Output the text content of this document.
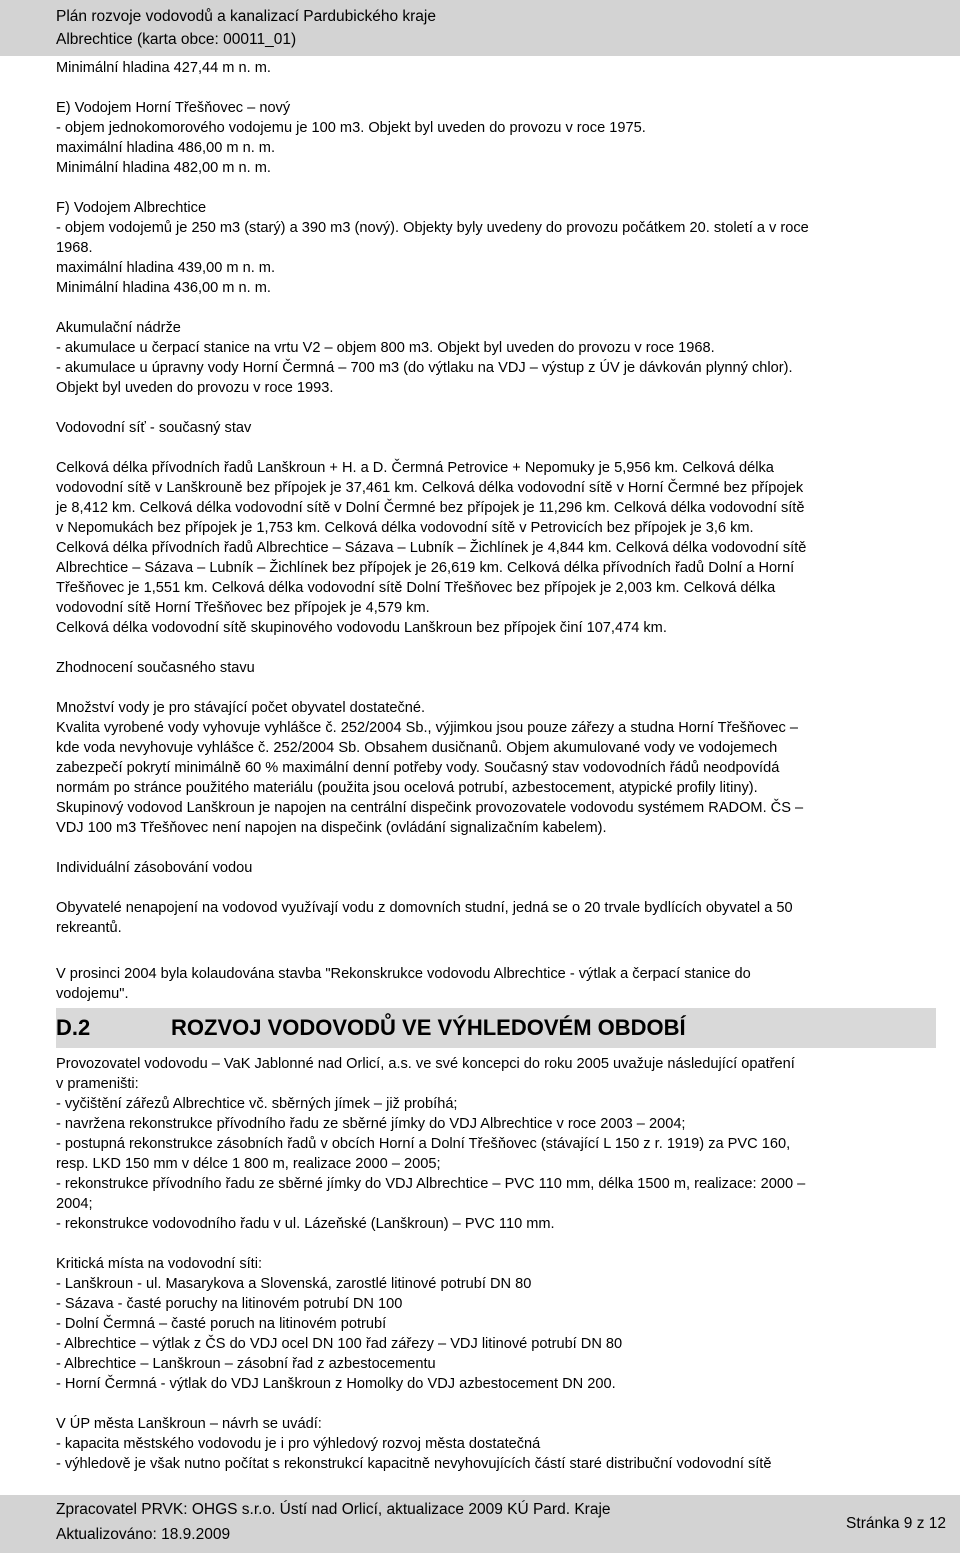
Plán rozvoje vodovodů a kanalizací Pardubického kraje
Albrechtice (karta obce: 00011_01)

Minimální hladina 427,44 m n. m.

E) Vodojem Horní Třešňovec – nový

- objem jednokomorového vodojemu je 100 m3. Objekt byl uveden do provozu v roce 1975.

maximální hladina 486,00 m n. m.

Minimální hladina 482,00 m n. m.

F) Vodojem Albrechtice

- objem vodojemů je 250 m3 (starý) a 390 m3 (nový). Objekty byly uvedeny do provozu počátkem 20. století a v roce

1968.

maximální hladina 439,00 m n. m.

Minimální hladina 436,00 m n. m.

Akumulační nádrže

- akumulace u čerpací stanice na vrtu V2 – objem 800 m3. Objekt byl uveden do provozu v roce 1968.

- akumulace u úpravny vody Horní Čermná – 700 m3 (do výtlaku na VDJ – výstup z ÚV je dávkován plynný chlor).

Objekt byl uveden do provozu v roce 1993.

Vodovodní síť - současný stav

Celková délka přívodních řadů Lanškroun + H. a D. Čermná Petrovice + Nepomuky je 5,956 km. Celková délka

vodovodní sítě v Lanškrouně bez přípojek je 37,461 km. Celková délka vodovodní sítě v Horní Čermné bez přípojek

je 8,412 km. Celková délka vodovodní sítě v Dolní Čermné bez přípojek je 11,296 km. Celková délka vodovodní sítě

v Nepomukách bez přípojek je 1,753 km. Celková délka vodovodní sítě v Petrovicích bez přípojek je 3,6 km.

Celková délka přívodních řadů Albrechtice – Sázava – Lubník – Žichlínek je 4,844 km. Celková délka vodovodní sítě

Albrechtice – Sázava – Lubník – Žichlínek bez přípojek je 26,619 km. Celková délka přívodních řadů Dolní a Horní

Třešňovec je 1,551 km. Celková délka vodovodní sítě Dolní Třešňovec bez přípojek je 2,003 km. Celková délka

vodovodní sítě Horní Třešňovec bez přípojek je 4,579 km.

Celková délka vodovodní sítě skupinového vodovodu Lanškroun bez přípojek činí 107,474 km.

Zhodnocení současného stavu

Množství vody je pro stávající počet obyvatel dostatečné.

Kvalita vyrobené vody vyhovuje vyhlášce č. 252/2004 Sb., výjimkou jsou pouze zářezy a studna Horní Třešňovec –

kde voda nevyhovuje vyhlášce č. 252/2004 Sb. Obsahem dusičnanů. Objem akumulované vody ve vodojemech

zabezpečí pokrytí minimálně 60 % maximální denní potřeby vody. Současný stav vodovodních řádů neodpovídá

normám po stránce použitého materiálu (použita jsou ocelová potrubí, azbestocement, atypické profily litiny).

Skupinový vodovod Lanškroun je napojen na centrální dispečink provozovatele vodovodu systémem RADOM. ČS –

VDJ 100 m3 Třešňovec není napojen na dispečink (ovládání signalizačním kabelem).

Individuální zásobování vodou

Obyvatelé nenapojení na vodovod využívají vodu z domovních studní, jedná se o 20 trvale bydlících obyvatel a 50

rekreantů.

V prosinci 2004 byla kolaudována stavba "Rekonskrukce vodovodu Albrechtice - výtlak a čerpací stanice do

vodojemu".

D.2	ROZVOJ VODOVODŮ VE VÝHLEDOVÉM OBDOBÍ

Provozovatel vodovodu – VaK Jablonné nad Orlicí, a.s. ve své koncepci do roku 2005 uvažuje následující opatření

v prameništi:

- vyčištění zářezů Albrechtice vč. sběrných jímek – již probíhá;

- navržena rekonstrukce přívodního řadu ze sběrné jímky do VDJ Albrechtice v roce 2003 – 2004;

- postupná rekonstrukce zásobních řadů v obcích Horní a Dolní Třešňovec (stávající L 150 z r. 1919) za PVC 160,

resp. LKD 150 mm v délce 1 800 m, realizace 2000 – 2005;

- rekonstrukce přívodního řadu ze sběrné jímky do VDJ Albrechtice – PVC 110 mm, délka 1500 m, realizace: 2000 –

2004;

- rekonstrukce vodovodního řadu v ul. Lázeňské (Lanškroun) – PVC 110 mm.

Kritická místa na vodovodní síti:

- Lanškroun - ul. Masarykova a Slovenská, zarostlé litinové potrubí DN 80

- Sázava - časté poruchy na litinovém potrubí DN 100

- Dolní Čermná – časté poruch na litinovém potrubí

- Albrechtice – výtlak z ČS do VDJ ocel DN 100 řad zářezy – VDJ litinové potrubí DN 80

- Albrechtice – Lanškroun – zásobní řad z azbestocementu

- Horní Čermná - výtlak do VDJ Lanškroun z Homolky do VDJ azbestocement DN 200.

V ÚP města Lanškroun – návrh se uvádí:

- kapacita městského vodovodu je i pro výhledový rozvoj města dostatečná

- výhledově je však nutno počítat s rekonstrukcí kapacitně nevyhovujících částí staré distribuční vodovodní sítě

Zpracovatel PRVK: OHGS s.r.o. Ústí nad Orlicí, aktualizace 2009 KÚ Pard. Kraje
Aktualizováno: 18.9.2009
Stránka 9 z 12
